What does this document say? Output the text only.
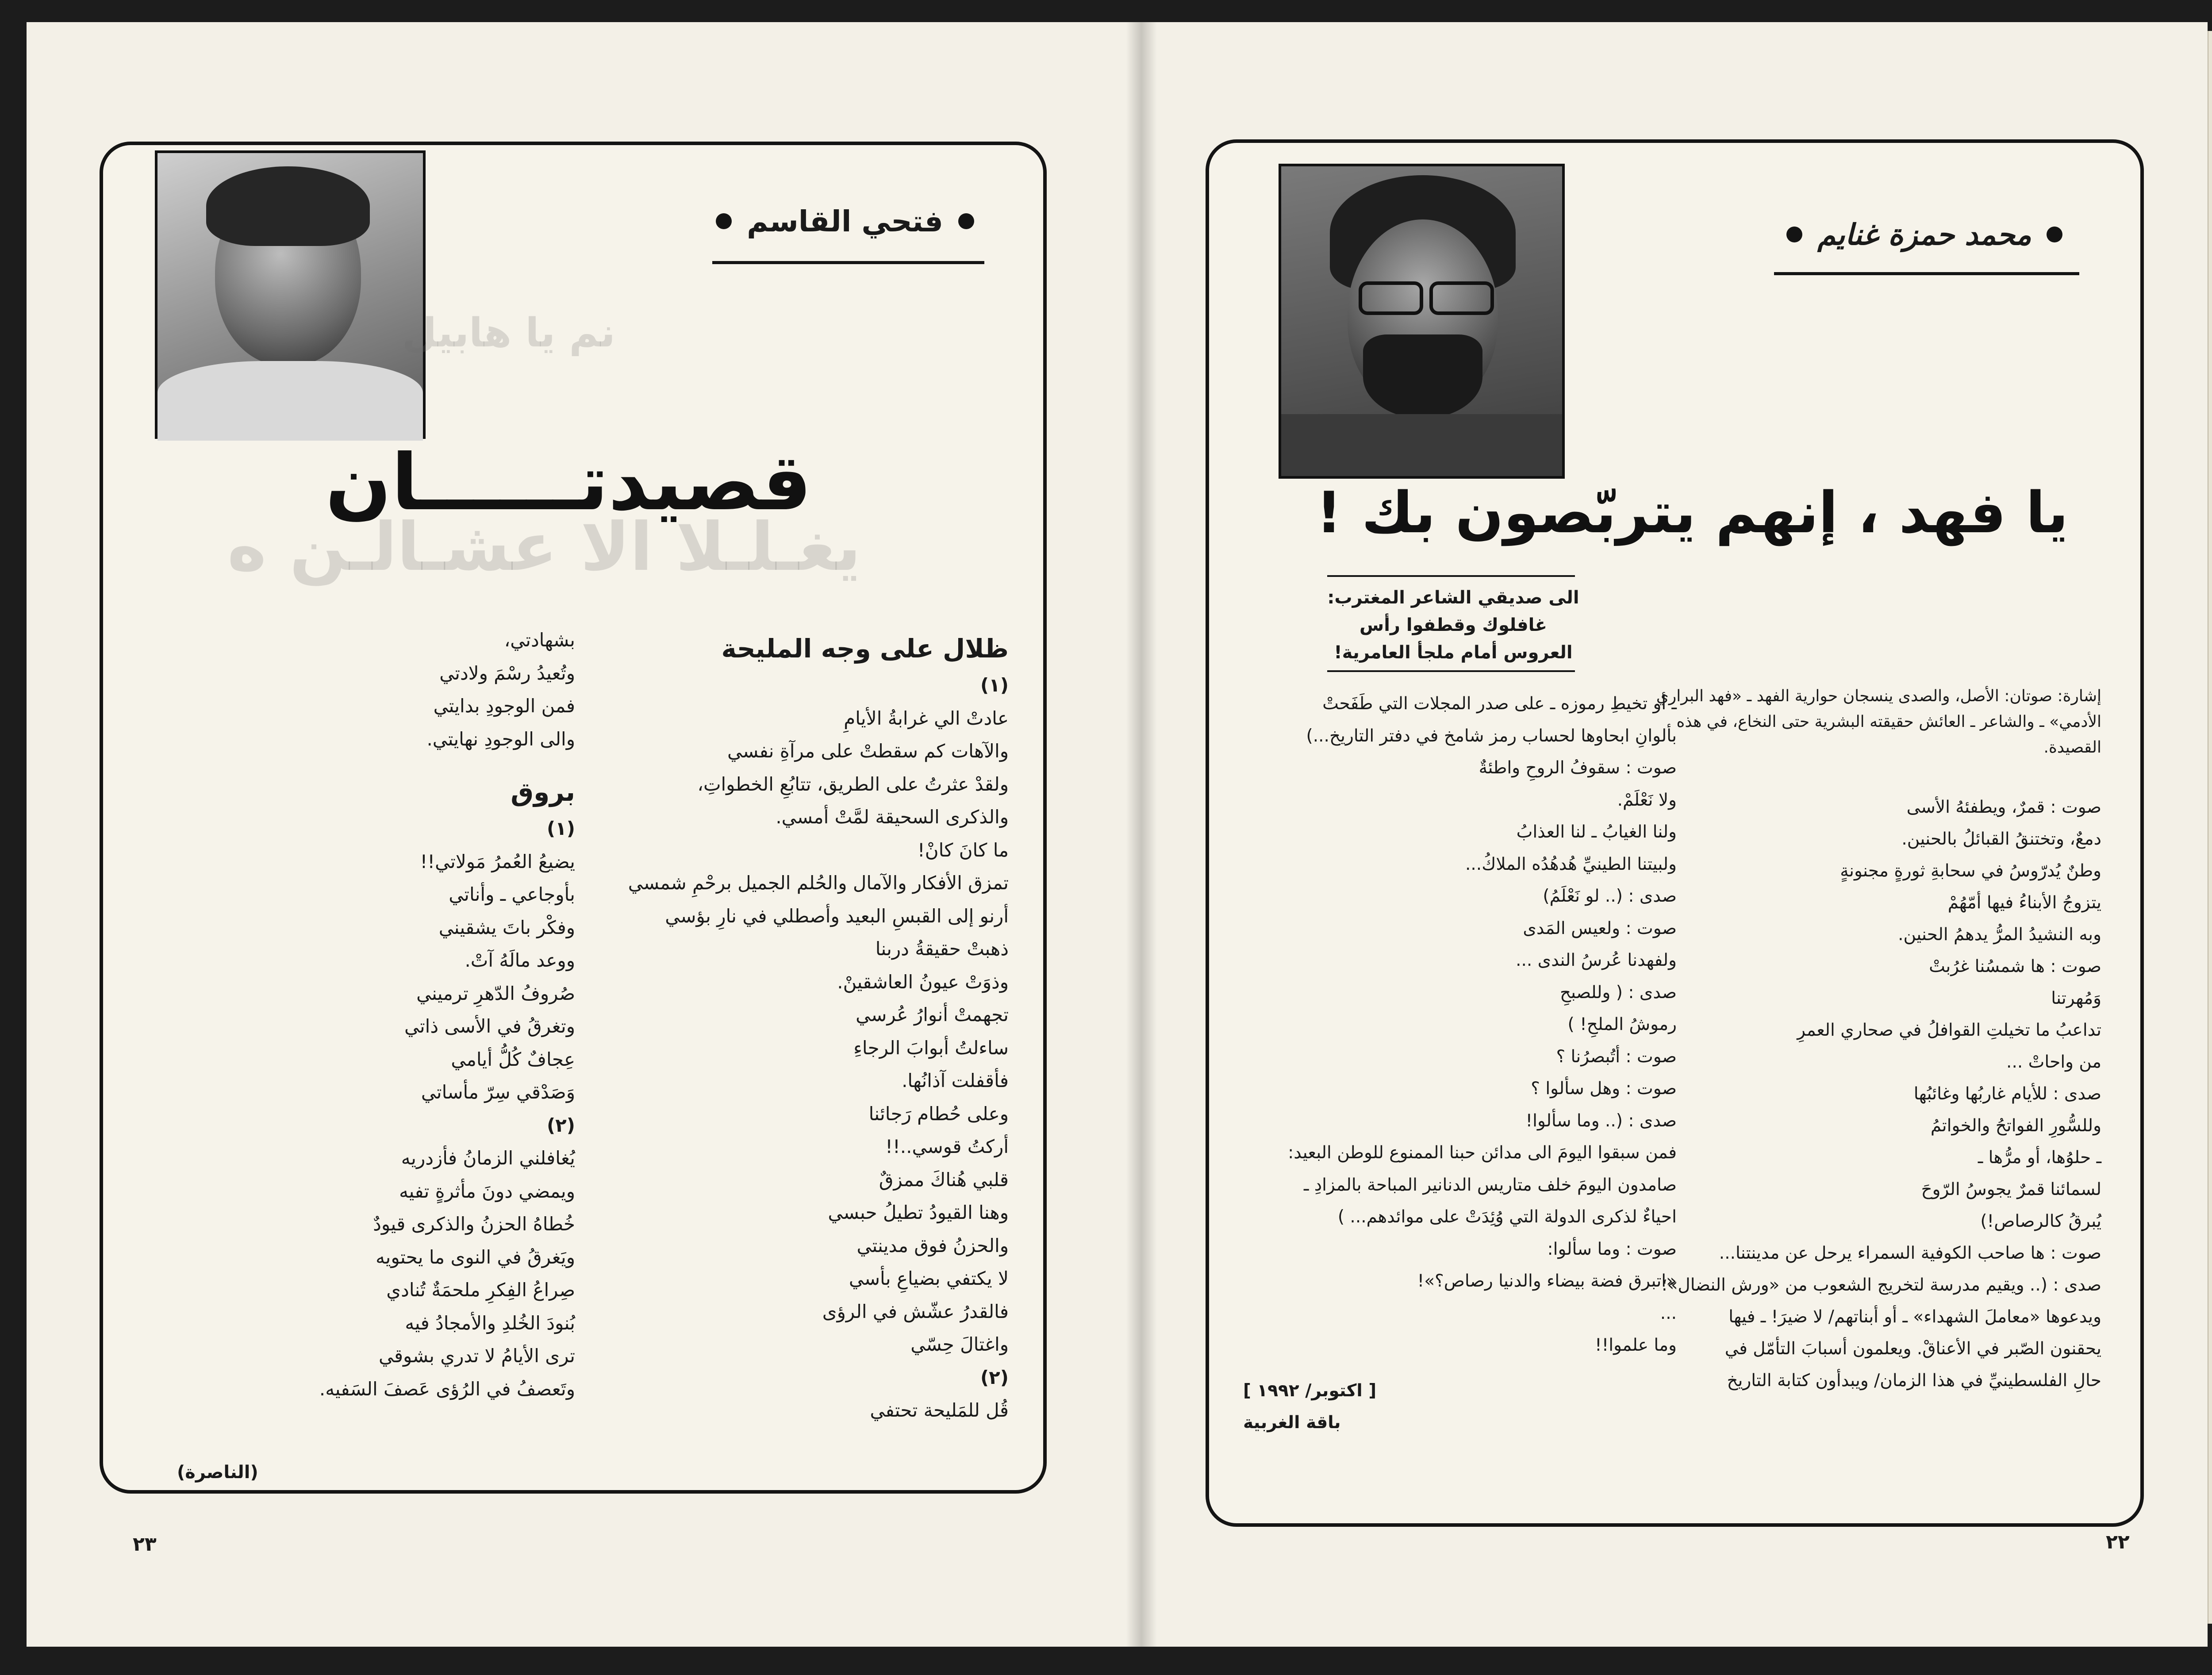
فتحي القاسم
نم يا هابيل
يغـلـلا الا عشـالـن ه
قصيدتــــــان
ظلال على وجه المليحة
(١)
عادتْ الي غرابةُ الأيامِ
والآهات كم سقطتْ على مرآةِ نفسي
ولقدْ عثرتُ على الطريق، تتابُعِ الخطواتِ،
والذكرى السحيقة لمَّتْ أمسي.
ما كانَ كانْ!
تمزق الأفكار والآمال والحُلم الجميل برحْمِ شمسي
أرنو إلى القبسِ البعيد وأصطلي في نارِ بؤسي
ذهبتْ حقيقةُ دربنا
وذوَتْ عيونُ العاشقينْ.
تجهمتْ أنوارُ عُرسي
ساءلتُ أبوابَ الرجاءِ
فأقفلت آذانُها.
وعلى حُطام رَجائنا
أركتُ قوسي..!!
قلبي هُناكَ ممزقٌ
وهنا القيودُ تطيلُ حبسي
والحزنُ فوق مدينتي
لا يكتفي بضياعِ بأسي
فالقدرُ عشّش في الرؤى
واغتالَ حِسّي
(٢)
قُل للمَليحة تحتفي
بشهادتي،
وتُعيدُ رسْمَ ولادتي
فمن الوجودِ بدايتي
والى الوجودِ نهايتي.
بروق
(١)
يضيعُ العُمرُ مَولاتي!!
بأوجاعي ـ وأناتي
وفكْر باتَ يشقيني
ووعد مالَهُ آتْ.
صُروفُ الدّهرِ ترميني
وتغرقُ في الأسى ذاتي
عِجافٌ كُلُّ أيامي
وَصَدْقي سِرّ مأساتي
(٢)
يُغافلني الزمانُ فأزدريه
ويمضي دونَ مأثرةٍ تفيه
خُطاهُ الحزنُ والذكرى قيودٌ
ويَغرقُ في النوى ما يحتويه
صِراعُ الفِكرِ ملحمَةٌ تُنادي
بُنودَ الخُلدِ والأمجادُ فيه
ترى الأيامُ لا تدري بشوقي
وتَعصفُ في الرُؤى عَصفَ السَفيه.
(الناصرة)
٢٣
محمد حمزة غنايم
يا فهد ، إنهم يتربّصون بك !
الى صديقي الشاعر المغترب:
غافلوك وقطفوا رأس
العروس أمام ملجأ العامرية!
إشارة: صوتان: الأصل، والصدى ينسجان حوارية الفهد ـ «فهد البراري
الأدمي» ـ والشاعر ـ العائش حقيقته البشرية حتى النخاع، في هذه
القصيدة.
صوت : قمرٌ، ويطفئهُ الأسى
دمعٌ، وتختنقُ القبائلُ بالحنين.
وطنٌ يُدرّوسُ في سحابةِ ثورةٍ مجنونةٍ
يتزوجُ الأبناءُ فيها أمّهُمْ
وبه النشيدُ المرُّ يدهمُ الحنين.
صوت : ها شمسُنا غرُبتْ
وَمُهرتنا
تداعبُ ما تخيلتِ القوافلُ في صحاري العمرِ
من واحاتْ ...
صدى : للأيام غاربُها وغائبُها
وللسُّورِ الفواتحُ والخواتمُ
ـ حلوُها، أو مرُّها ـ
لسمائنا قمرٌ يجوسُ الرّوحَ
يُبرقُ كالرصاص!)
صوت : ها صاحب الكوفية السمراء يرحل عن مدينتنا...
صدى : (.. ويقيم مدرسة لتخريج الشعوب من «ورش النضال»؛
ويدعوها «معاملَ الشهداء» ـ أو أبناتهم/ لا ضيرَ! ـ فيها
يحقنون الصّبر في الأعناقْ. ويعلمون أسبابَ التأمّل في
حالِ الفلسطينيِّ في هذا الزمان/ ويبدأون كتابة التاريخ
ـ أو تخيطِ رموزه ـ على صدر المجلات التي طَفَحتْ
بألوانِ ابحاوها لحساب رمز شامخ في دفتر التاريخ...)
صوت : سقوفُ الروحِ واطئةٌ
ولا نَعْلَمْ.
ولنا الغيابُ ـ لنا العذابُ
ولبيتنا الطينيِّ هُدهُدُه الملاكُ...
صدى : (.. لو نَعْلَمُ)
صوت : ولعيس المَدى
ولفهدنا عُرسُ الندى ...
صدى : ( وللصبحِ
رموشُ الملحِ! )
صوت : أتُبصرُنا ؟
صوت : وهل سألوا ؟
صدى : (.. وما سألوا!
فمن سبقوا اليومَ الى مدائن حبنا الممنوع للوطن البعيد:
صامدون اليومَ خلف متاريس الدنانير المباحة بالمزادِ ـ
احياءٌ لذكرى الدولة التي وُئِدَتْ على موائدهم... )
صوت : وما سألوا:
«اتبرق فضة بيضاء والدنيا رصاص؟»!
...
وما علموا!!
[ اكتوبر/ ١٩٩٢ ]
باقة الغربية
٢٢
